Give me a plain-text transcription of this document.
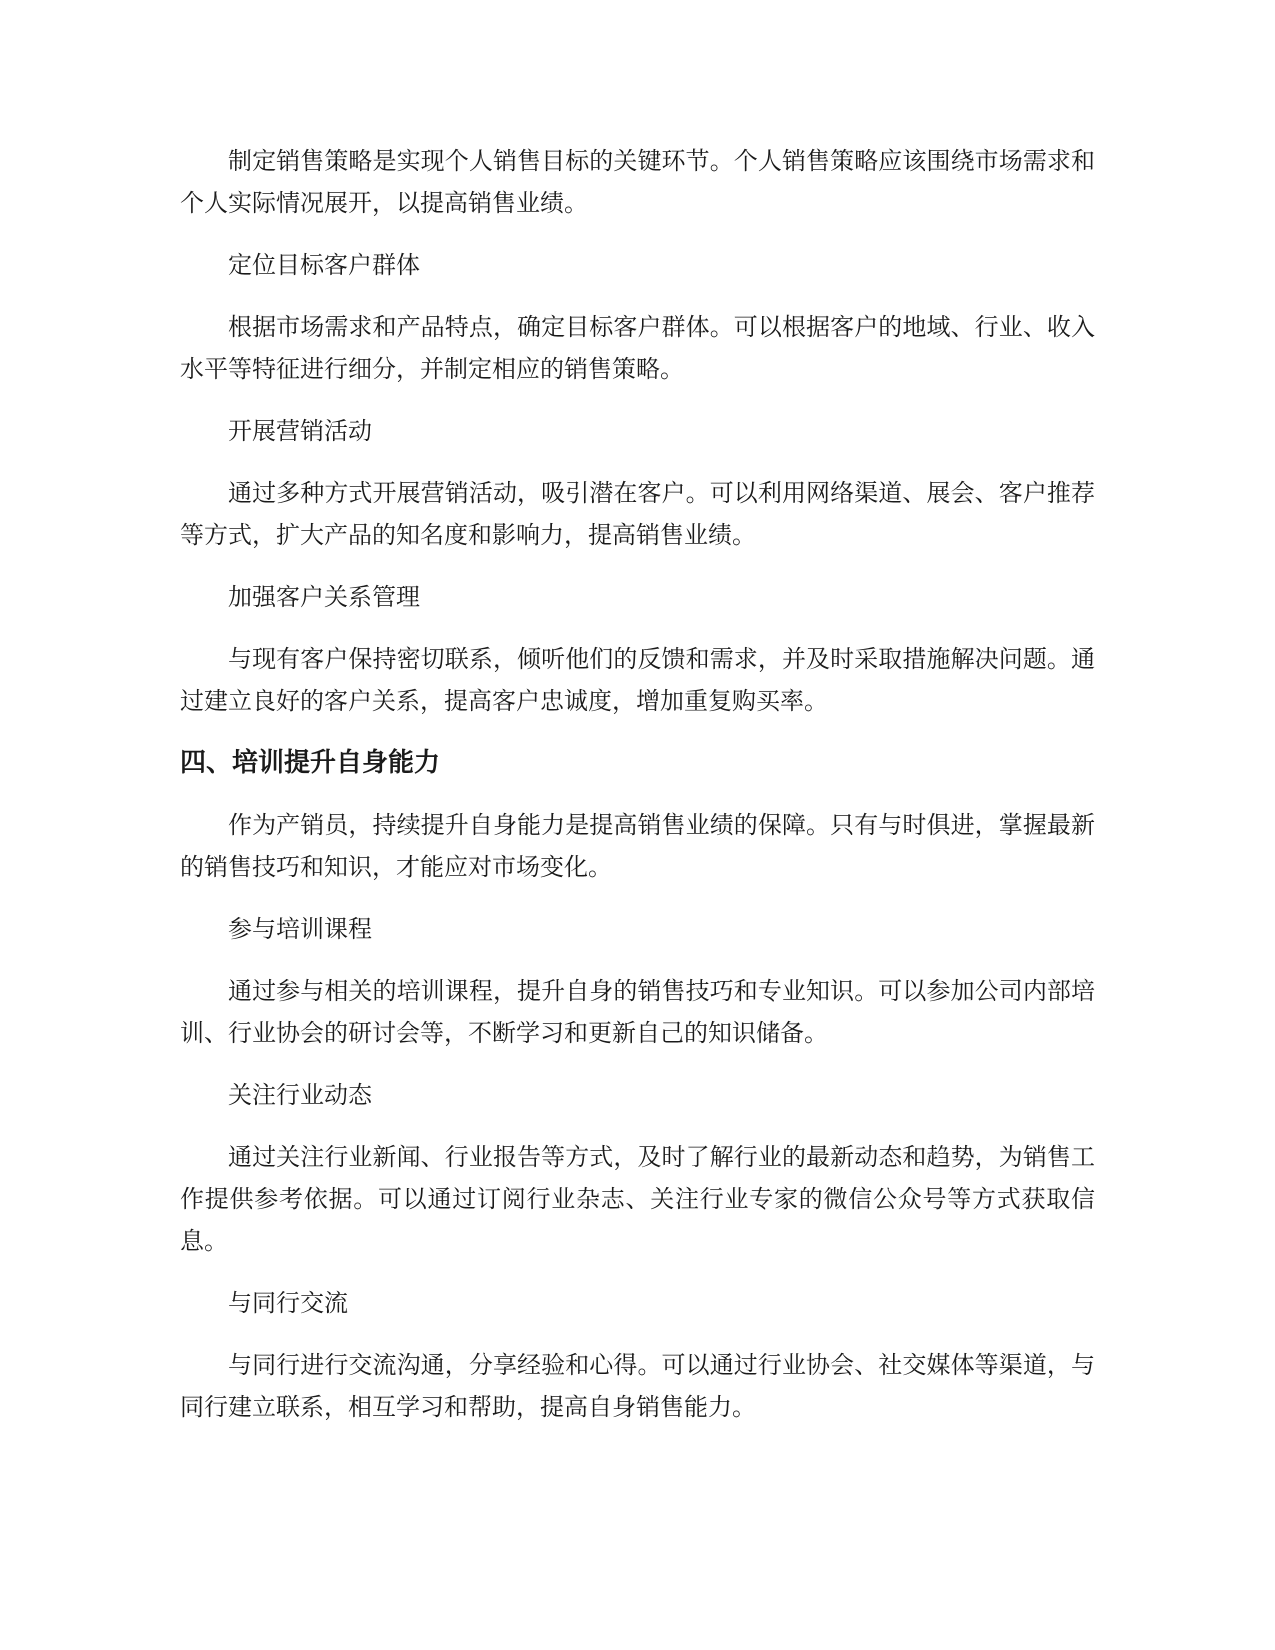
制定销售策略是实现个人销售目标的关键环节。个人销售策略应该围绕市场需求和个人实际情况展开，以提高销售业绩。

定位目标客户群体

根据市场需求和产品特点，确定目标客户群体。可以根据客户的地域、行业、收入水平等特征进行细分，并制定相应的销售策略。

开展营销活动

通过多种方式开展营销活动，吸引潜在客户。可以利用网络渠道、展会、客户推荐等方式，扩大产品的知名度和影响力，提高销售业绩。

加强客户关系管理

与现有客户保持密切联系，倾听他们的反馈和需求，并及时采取措施解决问题。通过建立良好的客户关系，提高客户忠诚度，增加重复购买率。

四、培训提升自身能力

作为产销员，持续提升自身能力是提高销售业绩的保障。只有与时俱进，掌握最新的销售技巧和知识，才能应对市场变化。

参与培训课程

通过参与相关的培训课程，提升自身的销售技巧和专业知识。可以参加公司内部培训、行业协会的研讨会等，不断学习和更新自己的知识储备。

关注行业动态

通过关注行业新闻、行业报告等方式，及时了解行业的最新动态和趋势，为销售工作提供参考依据。可以通过订阅行业杂志、关注行业专家的微信公众号等方式获取信息。

与同行交流

与同行进行交流沟通，分享经验和心得。可以通过行业协会、社交媒体等渠道，与同行建立联系，相互学习和帮助，提高自身销售能力。
